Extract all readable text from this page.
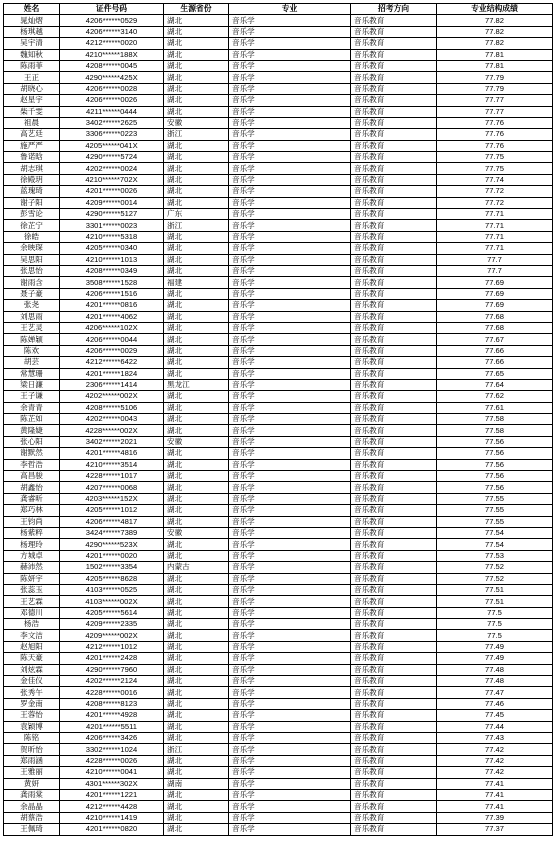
姓名	证件号码	生源省份	专业	招考方向	专业结构成绩
晁灿熠	4206******0529	湖北	音乐学	音乐教育	77.82
杨琪越	4206******3140	湖北	音乐学	音乐教育	77.82
吴宇清	4212******0020	湖北	音乐学	音乐教育	77.82
魏知秋	4210******188X	湖北	音乐学	音乐教育	77.81
陈雨菲	4208******0045	湖北	音乐学	音乐教育	77.81
王正	4290******425X	湖北	音乐学	音乐教育	77.79
胡晓心	4206******0028	湖北	音乐学	音乐教育	77.79
赵星宇	4206******0026	湖北	音乐学	音乐教育	77.77
柴千雯	4211******0444	湖北	音乐学	音乐教育	77.77
祖晨	3402******2625	安徽	音乐学	音乐教育	77.76
高艺廷	3306******0223	浙江	音乐学	音乐教育	77.76
施严严	4205******041X	湖北	音乐学	音乐教育	77.76
鲁诺晗	4290******5724	湖北	音乐学	音乐教育	77.75
胡志琪	4202******0024	湖北	音乐学	音乐教育	77.75
徐殿玥	4210******702X	湖北	音乐学	音乐教育	77.74
蓝瑰琦	4201******0026	湖北	音乐学	音乐教育	77.72
谢子阳	4209******0014	湖北	音乐学	音乐教育	77.72
彭雪论	4290******5127	广东	音乐学	音乐教育	77.71
徐芷宁	3301******0023	浙江	音乐学	音乐教育	77.71
徐皓	4210******5318	湖北	音乐学	音乐教育	77.71
余映琛	4205******0340	湖北	音乐学	音乐教育	77.71
吴思阳	4210******1013	湖北	音乐学	音乐教育	77.7
张思怡	4208******0349	湖北	音乐学	音乐教育	77.7
谢雨含	3508******1528	福建	音乐学	音乐教育	77.69
聂子豪	4206******1516	湖北	音乐学	音乐教育	77.69
张尧	4201******0816	湖北	音乐学	音乐教育	77.69
刘思雨	4201******4062	湖北	音乐学	音乐教育	77.68
王艺灵	4206******102X	湖北	音乐学	音乐教育	77.68
陈婵颖	4206******0044	湖北	音乐学	音乐教育	77.67
陈欢	4206******0029	湖北	音乐学	音乐教育	77.66
胡芸	4212******6422	湖北	音乐学	音乐教育	77.66
常慧珊	4201******1824	湖北	音乐学	音乐教育	77.65
梁日濂	2306******1414	黑龙江	音乐学	音乐教育	77.64
王子谦	4202******002X	湖北	音乐学	音乐教育	77.62
余青青	4208******5106	湖北	音乐学	音乐教育	77.61
陈芷如	4202******0043	湖北	音乐学	音乐教育	77.58
黄隆婕	4228******002X	湖北	音乐学	音乐教育	77.58
张心阳	3402******2021	安徽	音乐学	音乐教育	77.56
谢默然	4201******4816	湖北	音乐学	音乐教育	77.56
李哲浩	4210******3514	湖北	音乐学	音乐教育	77.56
高昌骏	4228******1017	湖北	音乐学	音乐教育	77.56
胡鑫怡	4207******0068	湖北	音乐学	音乐教育	77.56
龚睿昕	4203******152X	湖北	音乐学	音乐教育	77.55
郑巧林	4205******1012	湖北	音乐学	音乐教育	77.55
王钧尚	4206******4817	湖北	音乐学	音乐教育	77.55
杨紫粹	3424******7389	安徽	音乐学	音乐教育	77.54
杨理玲	4290******523X	湖北	音乐学	音乐教育	77.54
方城卓	4201******0020	湖北	音乐学	音乐教育	77.53
赫沛然	1502******3354	内蒙古	音乐学	音乐教育	77.52
陈妍宇	4205******8628	湖北	音乐学	音乐教育	77.52
张蕊玉	4103******0525	湖北	音乐学	音乐教育	77.51
王艺霖	4103******002X	湖北	音乐学	音乐教育	77.51
邓德川	4205******5614	湖北	音乐学	音乐教育	77.5
杨浩	4209******2335	湖北	音乐学	音乐教育	77.5
李文洁	4209******002X	湖北	音乐学	音乐教育	77.5
赵旭阳	4212******1012	湖北	音乐学	音乐教育	77.49
陈天豪	4201******2428	湖北	音乐学	音乐教育	77.49
刘炫霖	4290******7960	湖北	音乐学	音乐教育	77.48
金佳仪	4202******2124	湖北	音乐学	音乐教育	77.48
张秀午	4228******0016	湖北	音乐学	音乐教育	77.47
罗金南	4208******8123	湖北	音乐学	音乐教育	77.46
王蓉怡	4201******4928	湖北	音乐学	音乐教育	77.45
袁颖博	4201******5511	湖北	音乐学	音乐教育	77.44
陈铭	4206******3426	湖北	音乐学	音乐教育	77.43
贺昕怡	3302******1024	浙江	音乐学	音乐教育	77.42
郑雨涵	4228******0026	湖北	音乐学	音乐教育	77.42
王雅丽	4210******0041	湖北	音乐学	音乐教育	77.42
黄妍	4301******302X	湖南	音乐学	音乐教育	77.41
龚雨棠	4201******1221	湖北	音乐学	音乐教育	77.41
余晶晶	4212******4428	湖北	音乐学	音乐教育	77.41
胡蔡浩	4210******1419	湖北	音乐学	音乐教育	77.39
王佩琦	4201******0820	湖北	音乐学	音乐教育	77.37
